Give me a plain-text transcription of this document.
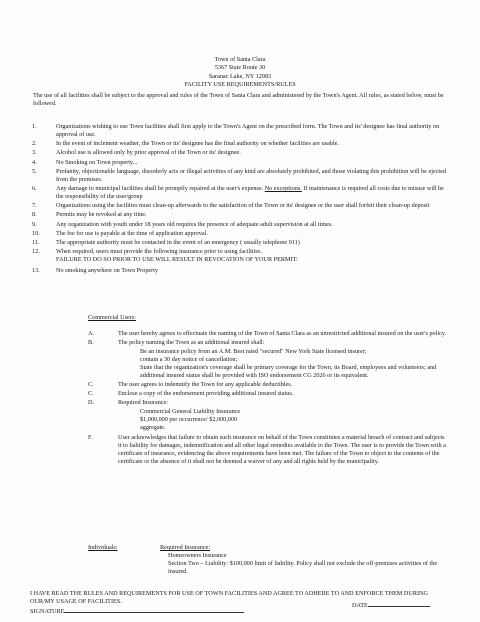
Town of Santa Clara
5367 State Route 30
Saranac Lake, NY 12983
FACILITY USE REQUIREMENTS/RULES
The use of all facilities shall be subject to the approval and rules of the Town of Santa Clara and administered by the Town's Agent. All rules, as stated below, must be followed.
1.	Organizations wishing to use Town facilities shall first apply to the Town's Agent on the prescribed form. The Town and its' designee has final authority on approval of use.
2.	In the event of inclement weather, the Town or its' designee has the final authority on whether facilities are usable.
3.	Alcohol use is allowed only by prior approval of the Town or its' designee.
4.	No Smoking on Town property...
5.	Profanity, objectionable language, disorderly acts or illegal activities of any kind are absolutely prohibited, and those violating this prohibition will be ejected from the premises.
6.	Any damage to municipal facilities shall be promptly repaired at the user's expense. No exceptions. If maintenance is required all costs due to misuse will be the responsibility of the user/group
7.	Organizations using the facilities must clean-up afterwards to the satisfaction of the Town or its' designee or the user shall forfeit their clean-up deposit
8.	Permits may be revoked at any time.
9.	Any organization with youth under 18 years old requires the presence of adequate adult supervision at all times.
10.	The fee for use is payable at the time of application approval.
11.	The appropriate authority must be contacted in the event of an emergency ( usually telephone 911)
12.	When required, users must provide the following insurance prior to using facilities.
FAILURE TO DO SO PRIOR TO USE WILL RESULT IN REVOCATION OF YOUR PERMIT:
13.	No smoking anywhere on Town Property
Commercial Users:
A.	The user hereby agrees to effectuate the naming of the Town of Santa Clara as an unrestricted additional insured on the user's policy.
B.	The policy naming the Town as an additional insured shall:
Be an insurance policy from an A.M. Best rated "secured" New York State licensed insurer;
contain a 30 day notice of cancellation;
State that the organization's coverage shall be primary coverage for the Town, its Board, employees and volunteers; and additional insured status shall be provided with ISO endorsement CG 2026 or its equivalent.
C.	The user agrees to indemnify the Town for any applicable deductibles.
C.	Enclose a copy of the endorsement providing additional insured status.
D.	Required Insurance:
Commercial General Liability Insurance
$1,000,000 per occurrence/ $2,000,000
aggregate.
F.	User acknowledges that failure to obtain such insurance on behalf of the Town constitutes a material breach of contract and subjects it to liability for damages, indemnification and all other legal remedies available to the Town. The user is to provide the Town with a certificate of insurance, evidencing the above requirements have been met. The failure of the Town to object to the contents of the certificate or the absence of it shall not be deemed a waiver of any and all rights held by the municipality.
Individuals:	Required Insurance:
Homeowners Insurance
Section Two – Liability: $100,000 limit of liability. Policy shall not exclude the off-premises activities of the insured.
I HAVE READ THE RULES AND REQUIREMENTS FOR USE OF TOWN FACILITIES AND AGREE TO ADHERE TO AND ENFORCE THEM DURING OUR/MY USAGE OF FACILITIES.
DATE
SIGNATURE
